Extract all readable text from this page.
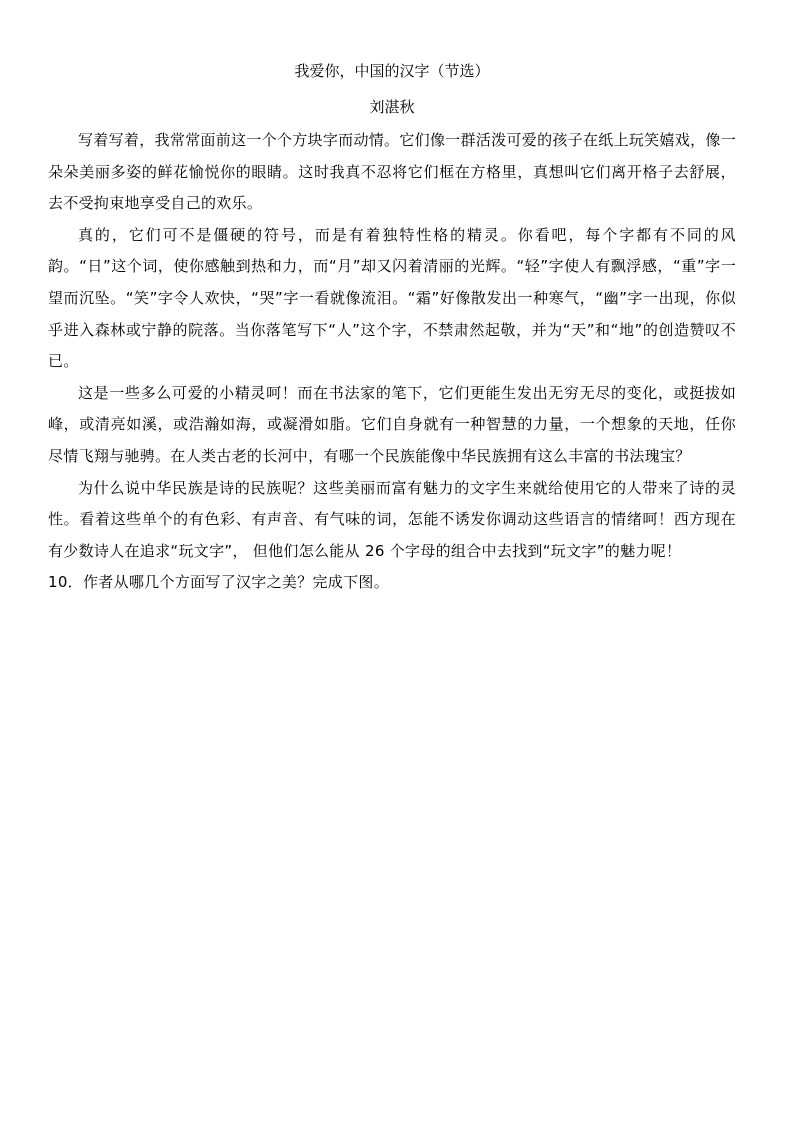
我爱你，中国的汉字（节选）

刘湛秋

写着写着，我常常面前这一个个方块字而动情。它们像一群活泼可爱的孩子在纸上玩笑嬉戏，像一朵朵美丽多姿的鲜花愉悦你的眼睛。这时我真不忍将它们框在方格里，真想叫它们离开格子去舒展，去不受拘束地享受自己的欢乐。

真的，它们可不是僵硬的符号，而是有着独特性格的精灵。你看吧，每个字都有不同的风韵。“日”这个词，使你感触到热和力，而“月”却又闪着清丽的光辉。“轻”字使人有飘浮感，“重”字一望而沉坠。“笑”字令人欢快，“哭”字一看就像流泪。“霜”好像散发出一种寒气，“幽”字一出现，你似乎进入森林或宁静的院落。当你落笔写下“人”这个字，不禁肃然起敬，并为“天”和“地”的创造赞叹不已。

这是一些多么可爱的小精灵呵！而在书法家的笔下，它们更能生发出无穷无尽的变化，或挺拔如峰，或清亮如溪，或浩瀚如海，或凝滑如脂。它们自身就有一种智慧的力量，一个想象的天地，任你尽情飞翔与驰骋。在人类古老的长河中，有哪一个民族能像中华民族拥有这么丰富的书法瑰宝？

为什么说中华民族是诗的民族呢？这些美丽而富有魅力的文字生来就给使用它的人带来了诗的灵性。看着这些单个的有色彩、有声音、有气味的词，怎能不诱发你调动这些语言的情绪呵！西方现在有少数诗人在追求“玩文字”， 但他们怎么能从 26 个字母的组合中去找到“玩文字”的魅力呢！

10．作者从哪几个方面写了汉字之美？完成下图。
